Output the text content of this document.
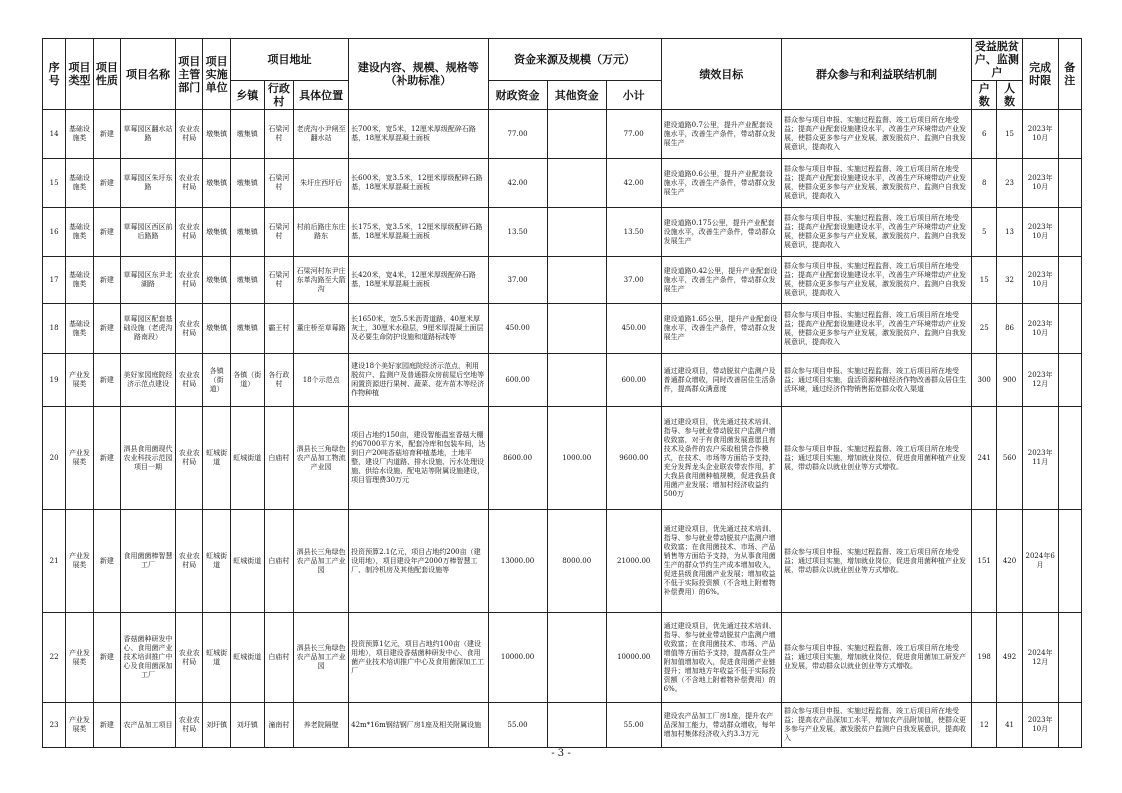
序号	项目类型	项目性质	项目名称	项目主管部门	项目实施单位	项目地址			建设内容、规模、规格等（补助标准）	资金来源及规模（万元）			绩效目标	群众参与和利益联结机制	受益脱贫户、监测户		完成时限	备注
						乡镇	行政村	具体位置		财政资金	其他资金	小计			户数	人数		
14	基础设施类	新建	草莓园区翻水站路	农业农村局	墩集镇	墩集镇	石梁河村	老虎沟小尹闸至翻水站	长700米，宽5米，12厘米厚级配碎石路基，18厘米厚混凝土面板	77.00		77.00	建设道路0.7公里，提升产业配套设施水平，改善生产条件，带动群众发展生产	群众参与项目申报、实施过程监督、竣工后项目所在地受益；提高产业配套设施建设水平，改善生产环境带动产业发展，使群众更多参与产业发展，激发脱贫户、监测户自我发展意识，提高收入	6	15	2023年10月	
15	基础设施类	新建	草莓园区朱圩东路	农业农村局	墩集镇	墩集镇	石梁河村	朱圩庄西圩后	长600米，宽3.5米，12厘米厚级配碎石路基，18厘米厚混凝土面板	42.00		42.00	建设道路0.6公里，提升产业配套设施水平，改善生产条件，带动群众发展生产	群众参与项目申报、实施过程监督、竣工后项目所在地受益；提高产业配套设施建设水平，改善生产环境带动产业发展，使群众更多参与产业发展，激发脱贫户、监测户自我发展意识，提高收入	8	23	2023年10月	
16	基础设施类	新建	草莓园区西区前后路路	农业农村局	墩集镇	墩集镇	石梁河村	村前后路庄东庄路东	长175米，宽3.5米，12厘米厚级配碎石路基，18厘米厚混凝土面板	13.50		13.50	建设道路0.175公里，提升产业配套设施水平，改善生产条件，带动群众发展生产	群众参与项目申报、实施过程监督、竣工后项目所在地受益；提高产业配套设施建设水平，改善生产环境带动产业发展，使群众更多参与产业发展，激发脱贫户、监测户自我发展意识，提高收入	5	13	2023年10月	
17	基础设施类	新建	草莓园区东尹北湖路	农业农村局	墩集镇	墩集镇	石梁河村	石梁河村东尹庄东革沟路至大箭沟	长420米，宽4米，12厘米厚级配碎石路基，18厘米厚混凝土面板	37.00		37.00	建设道路0.42公里，提升产业配套设施水平，改善生产条件，带动群众发展生产	群众参与项目申报、实施过程监督、竣工后项目所在地受益；提高产业配套设施建设水平，改善生产环境带动产业发展，使群众更多参与产业发展，激发脱贫户、监测户自我发展意识，提高收入	15	32	2023年10月	
18	基础设施类	新建	草莓园区配套基础设施（老虎沟路南段）	农业农村局	墩集镇	墩集镇	霸王村	董庄桥至草莓路	长1650米，宽5.5米沥青道路，40厘米厚灰土，30厘米水稳层，9厘米厚混凝土面层及必要生命防护设施和道路标线等	450.00		450.00	建设道路1.65公里，提升产业配套设施水平，改善生产条件，带动群众发展生产	群众参与项目申报、实施过程监督、竣工后项目所在地受益；提高产业配套设施建设水平，改善生产环境带动产业发展，使群众更多参与产业发展，激发脱贫户、监测户自我发展意识，提高收入	25	86	2023年10月	
19	产业发展类	新建	美好家园庭院经济示范点建设	农业农村局	各镇（街道）	各镇（街道）	各行政村	18个示范点	建设18个美好家园庭院经济示范点，利用脱贫户、监测户及普通群众房前屋后空地等闲置资源进行果树、蔬菜、花卉苗木等经济作物种植	600.00		600.00	通过建设项目，带动脱贫户监测户及普通群众增收，同时改善居住生活条件，提高群众满意度	群众参与项目申报、实施过程监督、竣工后项目所在地受益；通过项目实施，盘活资源种植经济作物改善群众居住生活环境，通过经济作物销售拓宽群众收入渠道	300	900	2023年12月	
20	产业发展类	新建	泗县食用菌现代农业科技示范园项目一期	农业农村局	虹城街道	虹城街道	白庙村	泗县长三角绿色农产品加工物流产业园	项目占地约150亩，建设智能温室香菇大棚约67000平方米，配套冷库和包装车间，达到日产20吨香菇培育种植基地，土地平整，建设厂内道路、排水设施、污水处理设施、供给水设施、配电站等附属设施建设，项目管理费30万元	8600.00	1000.00	9600.00	通过建设项目，优先通过技术培训、指导、参与就业带动脱贫户监测户增收致富，对于有食用菌发展意愿且有技术及条件的农户采取租赁合作模式，在技术、市场等方面给予支持，充分发挥龙头企业联农带农作用，扩大我县食用菌种植规模，促进我县食用菌产业发展；增加村经济收益约500万	群众参与项目申报、实施过程监督、竣工后项目所在地受益；通过项目实施，增加就业岗位，促进食用菌种植产业发展，带动群众以就业创业等方式增收。	241	560	2023年11月	
21	产业发展类	新建	食用菌菌棒智慧工厂	农业农村局	虹城街道	虹城街道	白庙村	泗县长三角绿色农产品加工产业园	投资预算2.1亿元，项目占地约200亩（建设用地），项目建设年产2000万棒智慧工厂、制冷机房及其他配套设施等	13000.00	8000.00	21000.00	通过建设项目，优先通过技术培训、指导、参与就业带动脱贫户监测户增收致富；在食用菌技术、市场、产品销售等方面给予支持，为从事食用菌生产的群众节约生产成本增加收入，促进县级食用菌产业发展；增加收益不低于实际投资额（不含地上附着物补偿费用）的6%。	群众参与项目申报、实施过程监督、竣工后项目所在地受益；通过项目实施，增加就业岗位，促进食用菌种植产业发展，带动群众以就业创业等方式增收。	151	420	2024年6月	
22	产业发展类	新建	香菇菌种研发中心、食用菌产业技术培训推广中心及食用菌深加工厂	农业农村局	虹城街道	虹城街道	白庙村	泗县长三角绿色农产品加工产业园	投资预算1亿元，项目占地约100亩（建设用地），项目建设香菇菌种研发中心、食用菌产业技术培训推广中心及食用菌深加工工厂	10000.00		10000.00	通过建设项目，优先通过技术培训、指导、参与就业带动脱贫户监测户增收致富；在食用菌技术、市场、产品增值等方面给予支持，提高群众生产附加值增加收入，促进食用菌产业链提升；增加地方年收益不低于实际投资额（不含地上附着物补偿费用）的6%。	群众参与项目申报、实施过程监督、竣工后项目所在地受益；通过项目实施，增加就业岗位，促进食用菌加工研发产业发展，带动群众以就业创业等方式增收。	198	492	2024年12月	
23	产业发展类	新建	农产品加工项目	农业农村局	刘圩镇	刘圩镇	潼南村	养老院隔壁	42m*16m钢结钢厂房1座及相关附属设施	55.00		55.00	建设农产品加工厂房1座，提升农产品深加工能力，带动群众增收，每年增加村集体经济收入约3.3万元	群众参与项目申报、实施过程监督、竣工后项目所在地受益；提高农产品深加工水平，增加农产品附加值，使群众更多参与产业发展，激发脱贫户监测户自我发展意识，提高收入	12	41	2023年10月	
- 3 -
